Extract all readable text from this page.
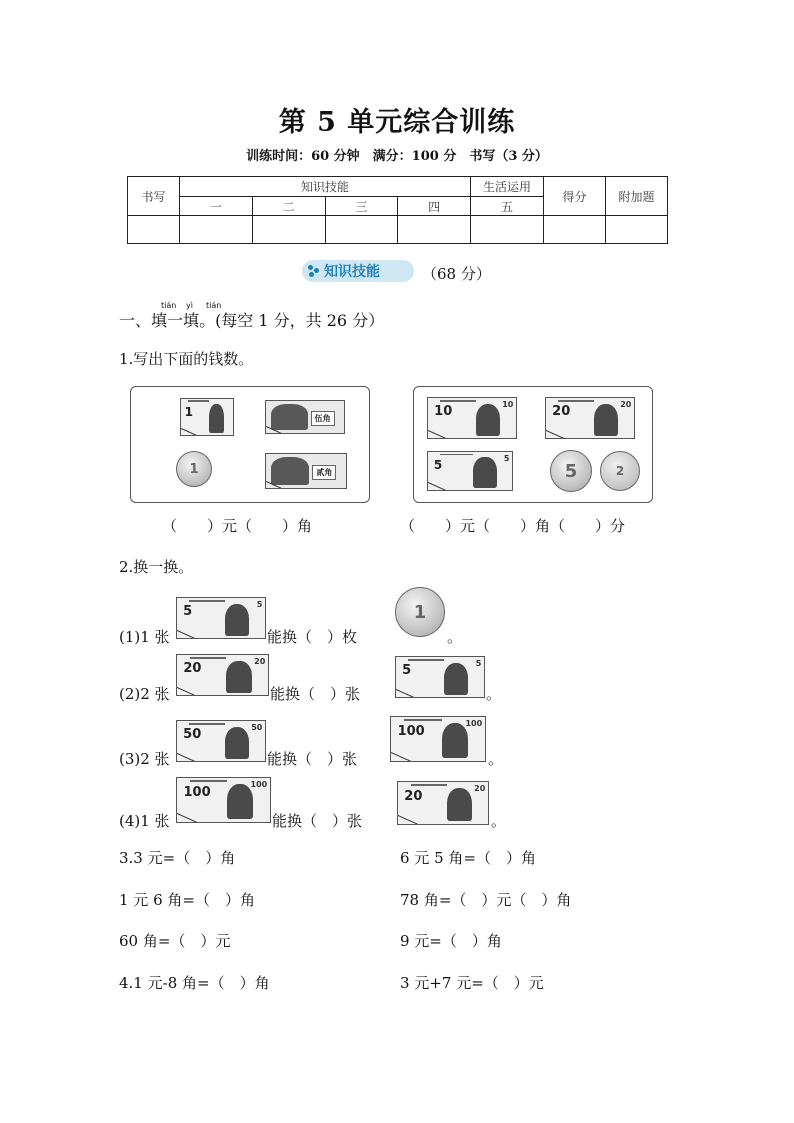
第 5 单元综合训练
训练时间：60 分钟　满分：100 分　书写（3 分）
书写	知识技能				生活运用	得分	附加题
	一	二	三	四	五		

知识技能	（68 分）
tián yì tián
一、填一填。(每空 1 分，共 26 分）
1.写出下面的钱数。
1	伍角
1	贰角
10	10	20	20
5	5
5	2
（　　）元（　　）角	（　　）元（　　）角（　　）分
2.换一换。
(1)1 张
5	5
能换（　）枚
1
。
(2)2 张
20	20
能换（　）张
5	5
。
(3)2 张
50	50
能换（　）张
100
100
。
(4)1 张
100
100
能换（　）张
20
20
。
3.3 元=（　）角	6 元 5 角=（　）角
1 元 6 角=（　）角	78 角=（　）元（　）角
60 角=（　）元	9 元=（　）角
4.1 元-8 角=（　）角	3 元+7 元=（　）元
